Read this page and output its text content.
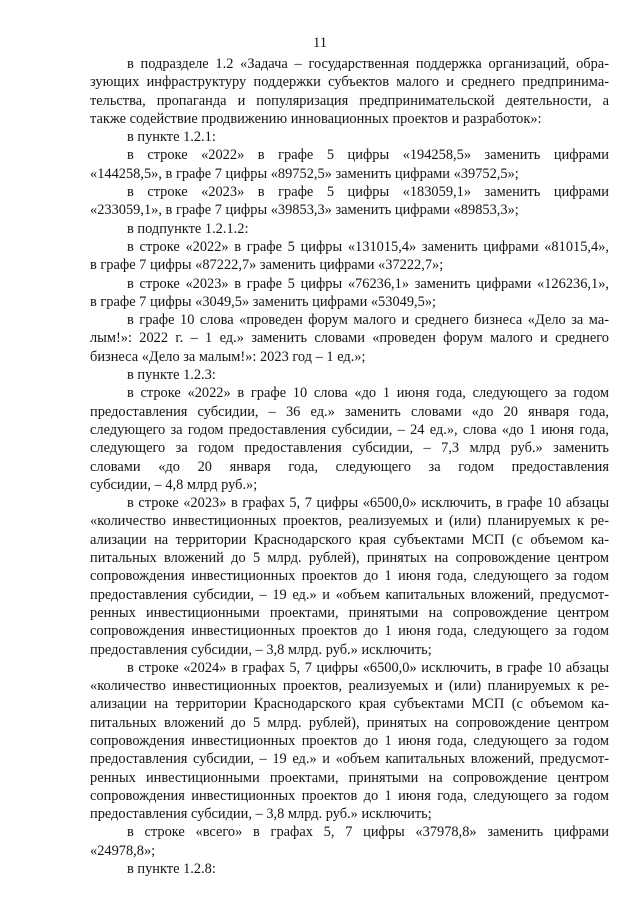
11
в подразделе 1.2 «Задача – государственная поддержка организаций, обра-
зующих инфраструктуру поддержки субъектов малого и среднего предпринима-
тельства, пропаганда и популяризация предпринимательской деятельности, а
также содействие продвижению инновационных проектов и разработок»:
в пункте 1.2.1:
в строке «2022» в графе 5 цифры «194258,5» заменить цифрами
«144258,5», в графе 7 цифры «89752,5» заменить цифрами «39752,5»;
в строке «2023» в графе 5 цифры «183059,1» заменить цифрами
«233059,1», в графе 7 цифры «39853,3» заменить цифрами «89853,3»;
в подпункте 1.2.1.2:
в строке «2022» в графе 5 цифры «131015,4» заменить цифрами «81015,4»,
в графе 7 цифры «87222,7» заменить цифрами «37222,7»;
в строке «2023» в графе 5 цифры «76236,1» заменить цифрами «126236,1»,
в графе 7 цифры «3049,5» заменить цифрами «53049,5»;
в графе 10 слова «проведен форум малого и среднего бизнеса «Дело за ма-
лым!»: 2022 г. – 1 ед.» заменить словами «проведен форум малого и среднего
бизнеса «Дело за малым!»: 2023 год – 1 ед.»;
в пункте 1.2.3:
в строке «2022» в графе 10 слова «до 1 июня года, следующего за годом
предоставления субсидии, – 36 ед.» заменить словами «до 20 января года,
следующего за годом предоставления субсидии, – 24 ед.», слова «до 1 июня года,
следующего за годом предоставления субсидии, – 7,3 млрд руб.» заменить
словами «до 20 января года, следующего за годом предоставления
субсидии, – 4,8 млрд руб.»;
в строке «2023» в графах 5, 7 цифры «6500,0» исключить, в графе 10 абзацы
«количество инвестиционных проектов, реализуемых и (или) планируемых к ре-
ализации на территории Краснодарского края субъектами МСП (с объемом ка-
питальных вложений до 5 млрд. рублей), принятых на сопровождение центром
сопровождения инвестиционных проектов до 1 июня года, следующего за годом
предоставления субсидии, – 19 ед.» и «объем капитальных вложений, предусмот-
ренных инвестиционными проектами, принятыми на сопровождение центром
сопровождения инвестиционных проектов до 1 июня года, следующего за годом
предоставления субсидии, – 3,8 млрд. руб.» исключить;
в строке «2024» в графах 5, 7 цифры «6500,0» исключить, в графе 10 абзацы
«количество инвестиционных проектов, реализуемых и (или) планируемых к ре-
ализации на территории Краснодарского края субъектами МСП (с объемом ка-
питальных вложений до 5 млрд. рублей), принятых на сопровождение центром
сопровождения инвестиционных проектов до 1 июня года, следующего за годом
предоставления субсидии, – 19 ед.» и «объем капитальных вложений, предусмот-
ренных инвестиционными проектами, принятыми на сопровождение центром
сопровождения инвестиционных проектов до 1 июня года, следующего за годом
предоставления субсидии, – 3,8 млрд. руб.» исключить;
в строке «всего» в графах 5, 7 цифры «37978,8» заменить цифрами
«24978,8»;
в пункте 1.2.8:
